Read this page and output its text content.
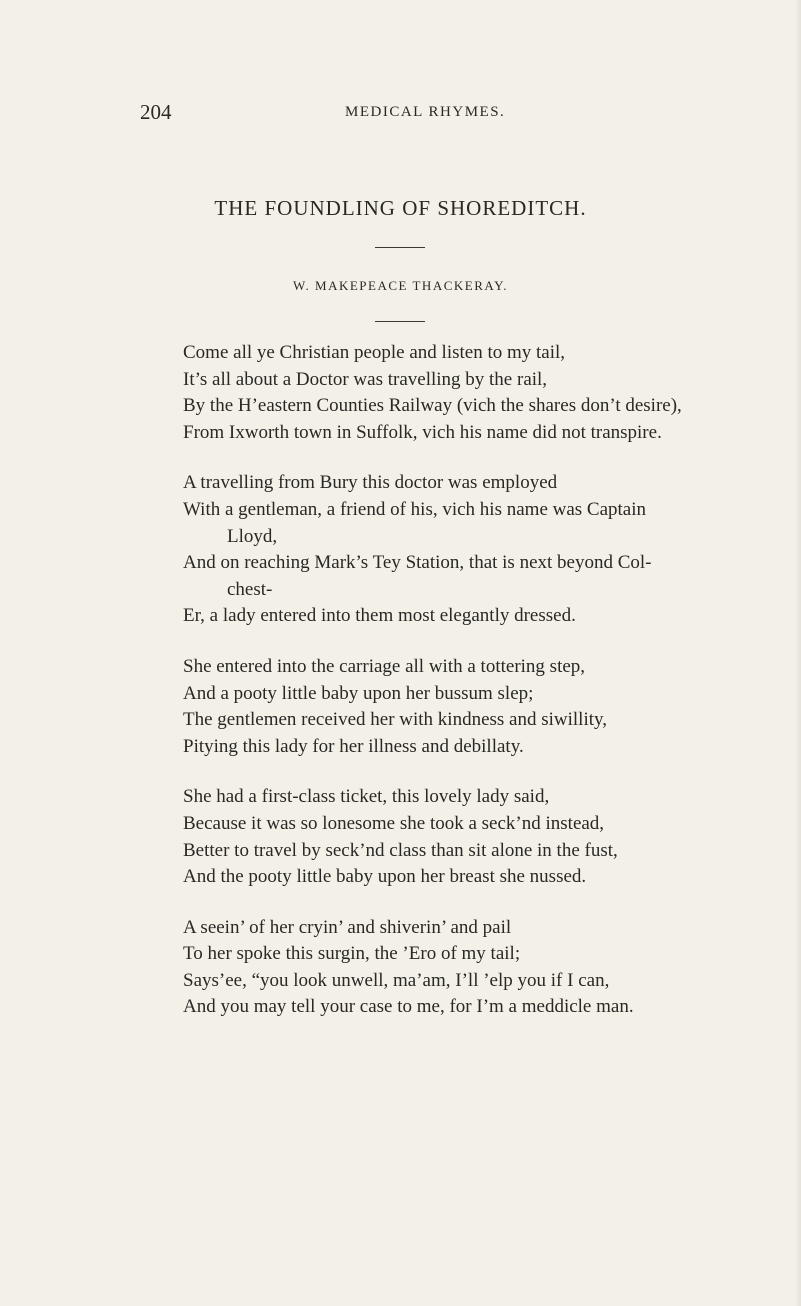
204	MEDICAL RHYMES.
THE FOUNDLING OF SHOREDITCH.
W. MAKEPEACE THACKERAY.
Come all ye Christian people and listen to my tail,
It’s all about a Doctor was travelling by the rail,
By the H’eastern Counties Railway (vich the shares don’t desire),
From Ixworth town in Suffolk, vich his name did not transpire.
A travelling from Bury this doctor was employed
With a gentleman, a friend of his, vich his name was Captain
Lloyd,
And on reaching Mark’s Tey Station, that is next beyond Col-
chest-
Er, a lady entered into them most elegantly dressed.
She entered into the carriage all with a tottering step,
And a pooty little baby upon her bussum slep;
The gentlemen received her with kindness and siwillity,
Pitying this lady for her illness and debillaty.
She had a first-class ticket, this lovely lady said,
Because it was so lonesome she took a seck’nd instead,
Better to travel by seck’nd class than sit alone in the fust,
And the pooty little baby upon her breast she nussed.
A seein’ of her cryin’ and shiverin’ and pail
To her spoke this surgin, the ’Ero of my tail;
Says’ee, “you look unwell, ma’am, I’ll ’elp you if I can,
And you may tell your case to me, for I’m a meddicle man.
